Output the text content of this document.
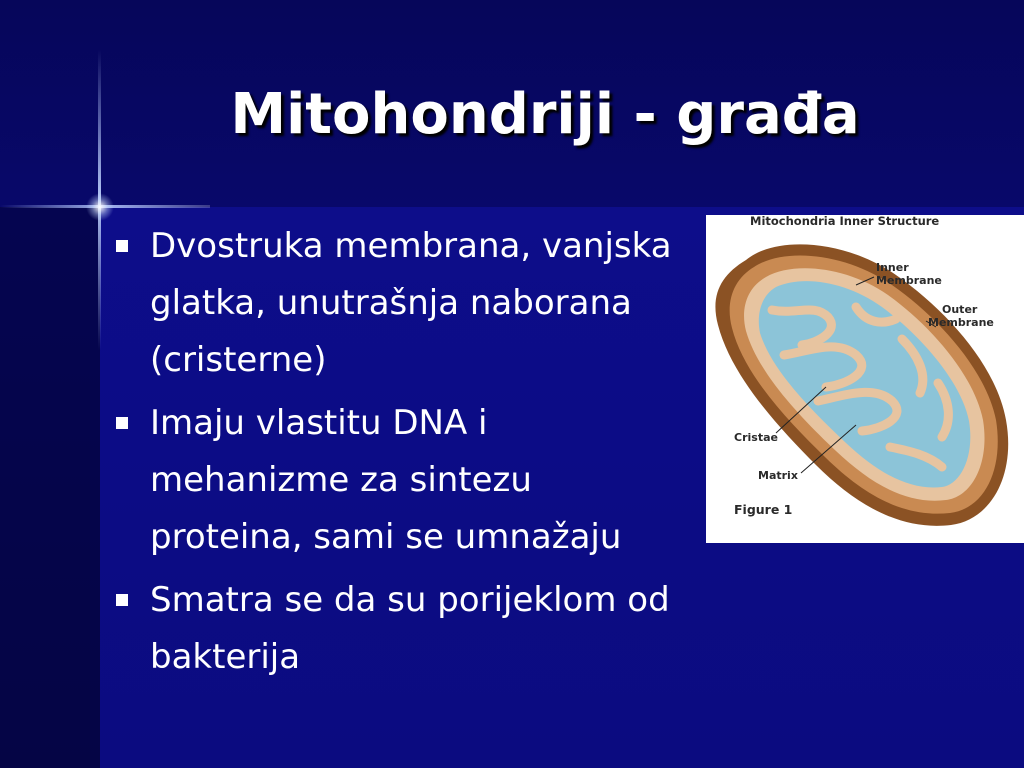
Mitohondriji - građa
Dvostruka membrana, vanjska glatka, unutrašnja naborana (cristerne)
Imaju vlastitu DNA i mehanizme za sintezu proteina, sami se umnažaju
Smatra se da su porijeklom od bakterija
Mitochondria Inner Structure
Inner
Membrane
Outer
Membrane
Cristae
Matrix
Figure 1
